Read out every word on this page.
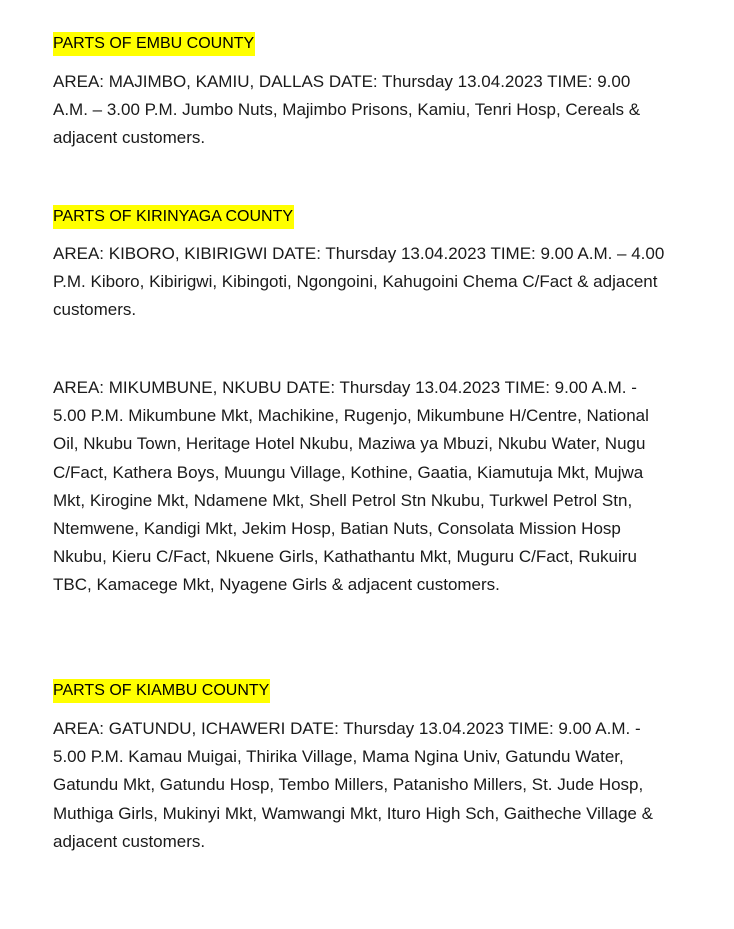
PARTS OF EMBU COUNTY

AREA: MAJIMBO, KAMIU, DALLAS DATE: Thursday 13.04.2023 TIME: 9.00 A.M. – 3.00 P.M. Jumbo Nuts, Majimbo Prisons, Kamiu, Tenri Hosp, Cereals & adjacent customers.

PARTS OF KIRINYAGA COUNTY

AREA: KIBORO, KIBIRIGWI DATE: Thursday 13.04.2023 TIME: 9.00 A.M. – 4.00 P.M. Kiboro, Kibirigwi, Kibingoti, Ngongoini, Kahugoini Chema C/Fact & adjacent customers.

AREA: MIKUMBUNE, NKUBU DATE: Thursday 13.04.2023 TIME: 9.00 A.M. - 5.00 P.M. Mikumbune Mkt, Machikine, Rugenjo, Mikumbune H/Centre, National Oil, Nkubu Town, Heritage Hotel Nkubu, Maziwa ya Mbuzi, Nkubu Water, Nugu C/Fact, Kathera Boys, Muungu Village, Kothine, Gaatia, Kiamutuja Mkt, Mujwa Mkt, Kirogine Mkt, Ndamene Mkt, Shell Petrol Stn Nkubu, Turkwel Petrol Stn, Ntemwene, Kandigi Mkt, Jekim Hosp, Batian Nuts, Consolata Mission Hosp Nkubu, Kieru C/Fact, Nkuene Girls, Kathathantu Mkt, Muguru C/Fact, Rukuiru TBC, Kamacege Mkt, Nyagene Girls & adjacent customers.

PARTS OF KIAMBU COUNTY

AREA: GATUNDU, ICHAWERI DATE: Thursday 13.04.2023 TIME: 9.00 A.M. - 5.00 P.M. Kamau Muigai, Thirika Village, Mama Ngina Univ, Gatundu Water, Gatundu Mkt, Gatundu Hosp, Tembo Millers, Patanisho Millers, St. Jude Hosp, Muthiga Girls, Mukinyi Mkt, Wamwangi Mkt, Ituro High Sch, Gaitheche Village & adjacent customers.
